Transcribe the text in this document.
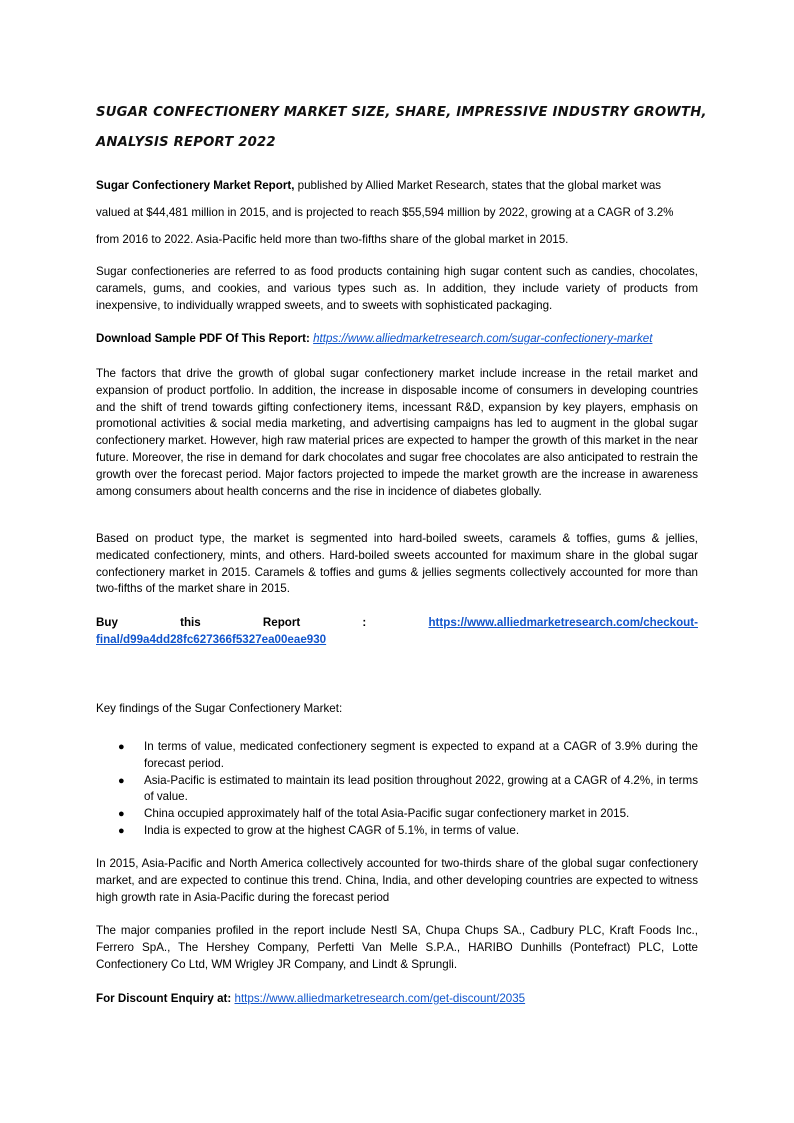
SUGAR CONFECTIONERY MARKET SIZE, SHARE, IMPRESSIVE INDUSTRY GROWTH, ANALYSIS REPORT 2022
Sugar Confectionery Market Report, published by Allied Market Research, states that the global market was valued at $44,481 million in 2015, and is projected to reach $55,594 million by 2022, growing at a CAGR of 3.2% from 2016 to 2022. Asia-Pacific held more than two-fifths share of the global market in 2015.
Sugar confectioneries are referred to as food products containing high sugar content such as candies, chocolates, caramels, gums, and cookies, and various types such as. In addition, they include variety of products from inexpensive, to individually wrapped sweets, and to sweets with sophisticated packaging.
Download Sample PDF Of This Report: https://www.alliedmarketresearch.com/sugar-confectionery-market
The factors that drive the growth of global sugar confectionery market include increase in the retail market and expansion of product portfolio. In addition, the increase in disposable income of consumers in developing countries and the shift of trend towards gifting confectionery items, incessant R&D, expansion by key players, emphasis on promotional activities & social media marketing, and advertising campaigns has led to augment in the global sugar confectionery market. However, high raw material prices are expected to hamper the growth of this market in the near future. Moreover, the rise in demand for dark chocolates and sugar free chocolates are also anticipated to restrain the growth over the forecast period. Major factors projected to impede the market growth are the increase in awareness among consumers about health concerns and the rise in incidence of diabetes globally.
Based on product type, the market is segmented into hard-boiled sweets, caramels & toffies, gums & jellies, medicated confectionery, mints, and others. Hard-boiled sweets accounted for maximum share in the global sugar confectionery market in 2015. Caramels & toffies and gums & jellies segments collectively accounted for more than two-fifths of the market share in 2015.
Buy	this	Report	:	https://www.alliedmarketresearch.com/checkout-
final/d99a4dd28fc627366f5327ea00eae930
Key findings of the Sugar Confectionery Market:
● In terms of value, medicated confectionery segment is expected to expand at a CAGR of 3.9% during the forecast period.
● Asia-Pacific is estimated to maintain its lead position throughout 2022, growing at a CAGR of 4.2%, in terms of value.
● China occupied approximately half of the total Asia-Pacific sugar confectionery market in 2015.
● India is expected to grow at the highest CAGR of 5.1%, in terms of value.
In 2015, Asia-Pacific and North America collectively accounted for two-thirds share of the global sugar confectionery market, and are expected to continue this trend. China, India, and other developing countries are expected to witness high growth rate in Asia-Pacific during the forecast period
The major companies profiled in the report include Nestl SA, Chupa Chups SA., Cadbury PLC, Kraft Foods Inc., Ferrero SpA., The Hershey Company, Perfetti Van Melle S.P.A., HARIBO Dunhills (Pontefract) PLC, Lotte Confectionery Co Ltd, WM Wrigley JR Company, and Lindt & Sprungli.
For Discount Enquiry at: https://www.alliedmarketresearch.com/get-discount/2035
